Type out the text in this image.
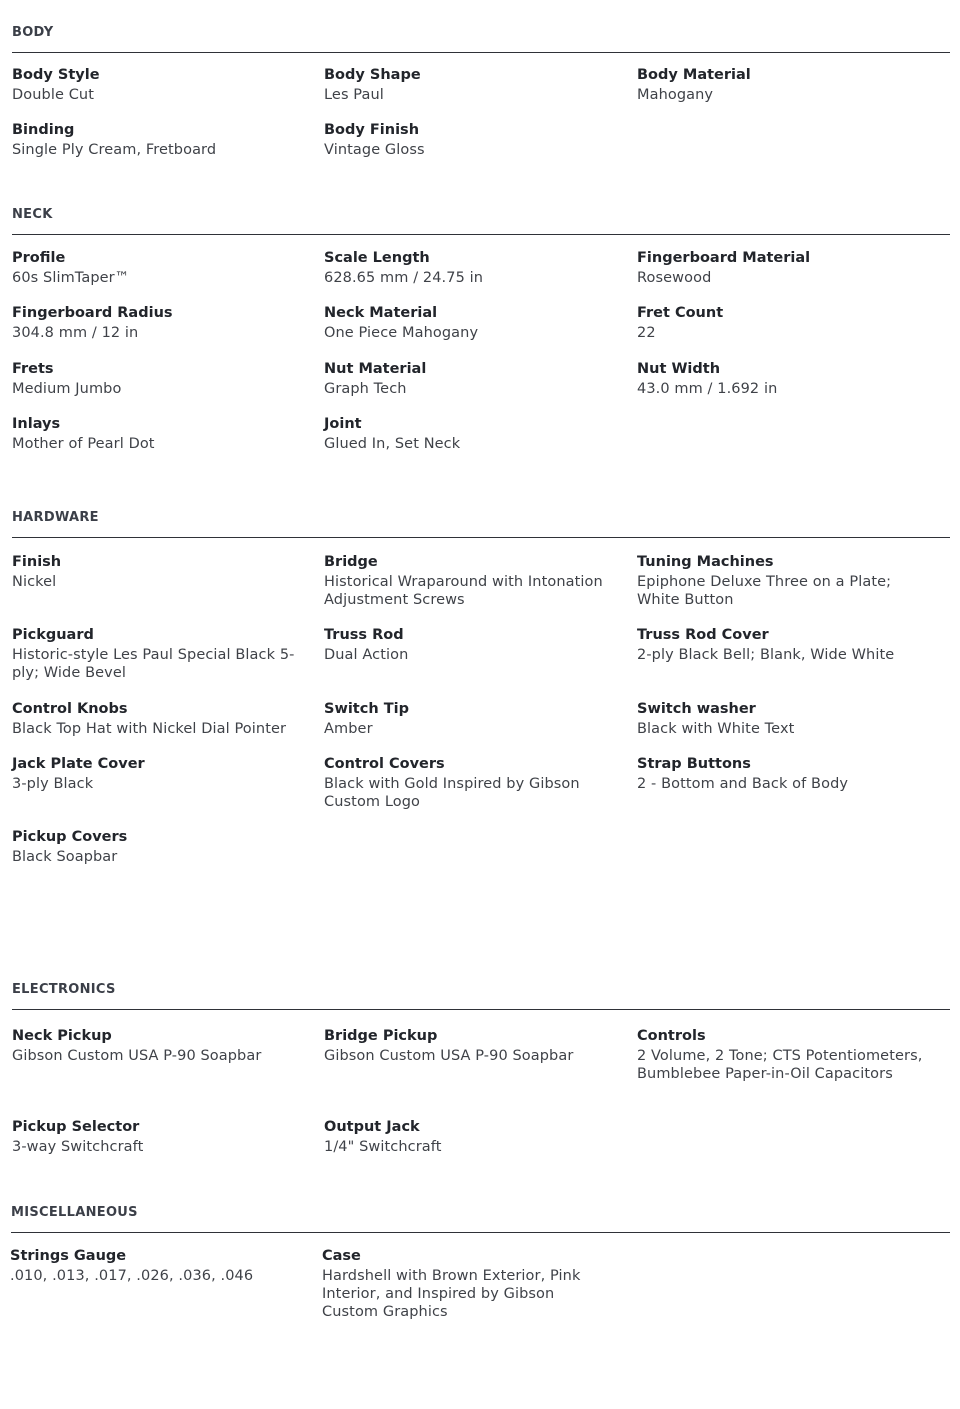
BODY
Body Style
Double Cut
Body Shape
Les Paul
Body Material
Mahogany
Binding
Single Ply Cream, Fretboard
Body Finish
Vintage Gloss
NECK
Profile
60s SlimTaper™
Scale Length
628.65 mm / 24.75 in
Fingerboard Material
Rosewood
Fingerboard Radius
304.8 mm / 12 in
Neck Material
One Piece Mahogany
Fret Count
22
Frets
Medium Jumbo
Nut Material
Graph Tech
Nut Width
43.0 mm / 1.692 in
Inlays
Mother of Pearl Dot
Joint
Glued In, Set Neck
HARDWARE
Finish
Nickel
Bridge
Historical Wraparound with Intonation Adjustment Screws
Tuning Machines
Epiphone Deluxe Three on a Plate; White Button
Pickguard
Historic-style Les Paul Special Black 5-ply; Wide Bevel
Truss Rod
Dual Action
Truss Rod Cover
2-ply Black Bell; Blank, Wide White
Control Knobs
Black Top Hat with Nickel Dial Pointer
Switch Tip
Amber
Switch washer
Black with White Text
Jack Plate Cover
3-ply Black
Control Covers
Black with Gold Inspired by Gibson Custom Logo
Strap Buttons
2 - Bottom and Back of Body
Pickup Covers
Black Soapbar
ELECTRONICS
Neck Pickup
Gibson Custom USA P-90 Soapbar
Bridge Pickup
Gibson Custom USA P-90 Soapbar
Controls
2 Volume, 2 Tone; CTS Potentiometers, Bumblebee Paper-in-Oil Capacitors
Pickup Selector
3-way Switchcraft
Output Jack
1/4" Switchcraft
MISCELLANEOUS
Strings Gauge
.010, .013, .017, .026, .036, .046
Case
Hardshell with Brown Exterior, Pink Interior, and Inspired by Gibson Custom Graphics
